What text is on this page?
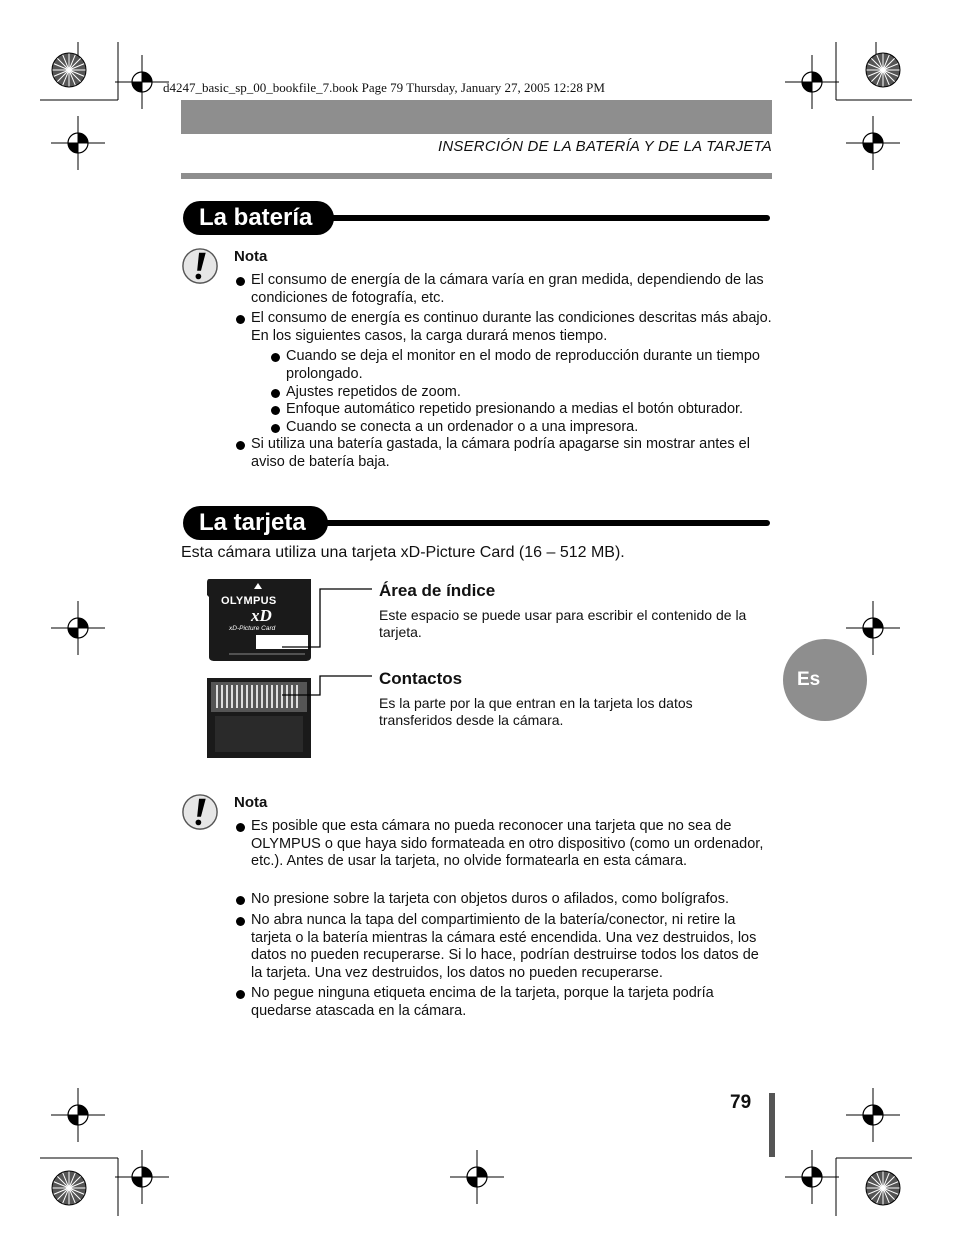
d4247_basic_sp_00_bookfile_7.book Page 79 Thursday, January 27, 2005 12:28 PM
INSERCIÓN DE LA BATERÍA Y DE LA TARJETA
La batería
Nota
El consumo de energía de la cámara varía en gran medida, dependiendo de las condiciones de fotografía, etc.
El consumo de energía es continuo durante las condiciones descritas más abajo. En los siguientes casos, la carga durará menos tiempo.
Cuando se deja el monitor en el modo de reproducción durante un tiempo prolongado.
Ajustes repetidos de zoom.
Enfoque automático repetido presionando a medias el botón obturador.
Cuando se conecta a un ordenador o a una impresora.
Si utiliza una batería gastada, la cámara podría apagarse sin mostrar antes el aviso de batería baja.
La tarjeta
Esta cámara utiliza una tarjeta xD-Picture Card (16 – 512 MB).
OLYMPUS
xD
xD-Picture Card
Área de índice
Este espacio se puede usar para escribir el contenido de la tarjeta.
Contactos
Es la parte por la que entran en la tarjeta los datos transferidos desde la cámara.
Nota
Es posible que esta cámara no pueda reconocer una tarjeta que no sea de OLYMPUS o que haya sido formateada en otro dispositivo (como un ordenador, etc.). Antes de usar la tarjeta, no olvide formatearla en esta cámara.
No presione sobre la tarjeta con objetos duros o afilados, como bolígrafos.
No abra nunca la tapa del compartimiento de la batería/conector, ni retire la tarjeta o la batería mientras la cámara esté encendida. Una vez destruidos, los datos no pueden recuperarse. Si lo hace, podrían destruirse todos los datos de la tarjeta. Una vez destruidos, los datos no pueden recuperarse.
No pegue ninguna etiqueta encima de la tarjeta, porque la tarjeta podría quedarse atascada en la cámara.
Es
79
